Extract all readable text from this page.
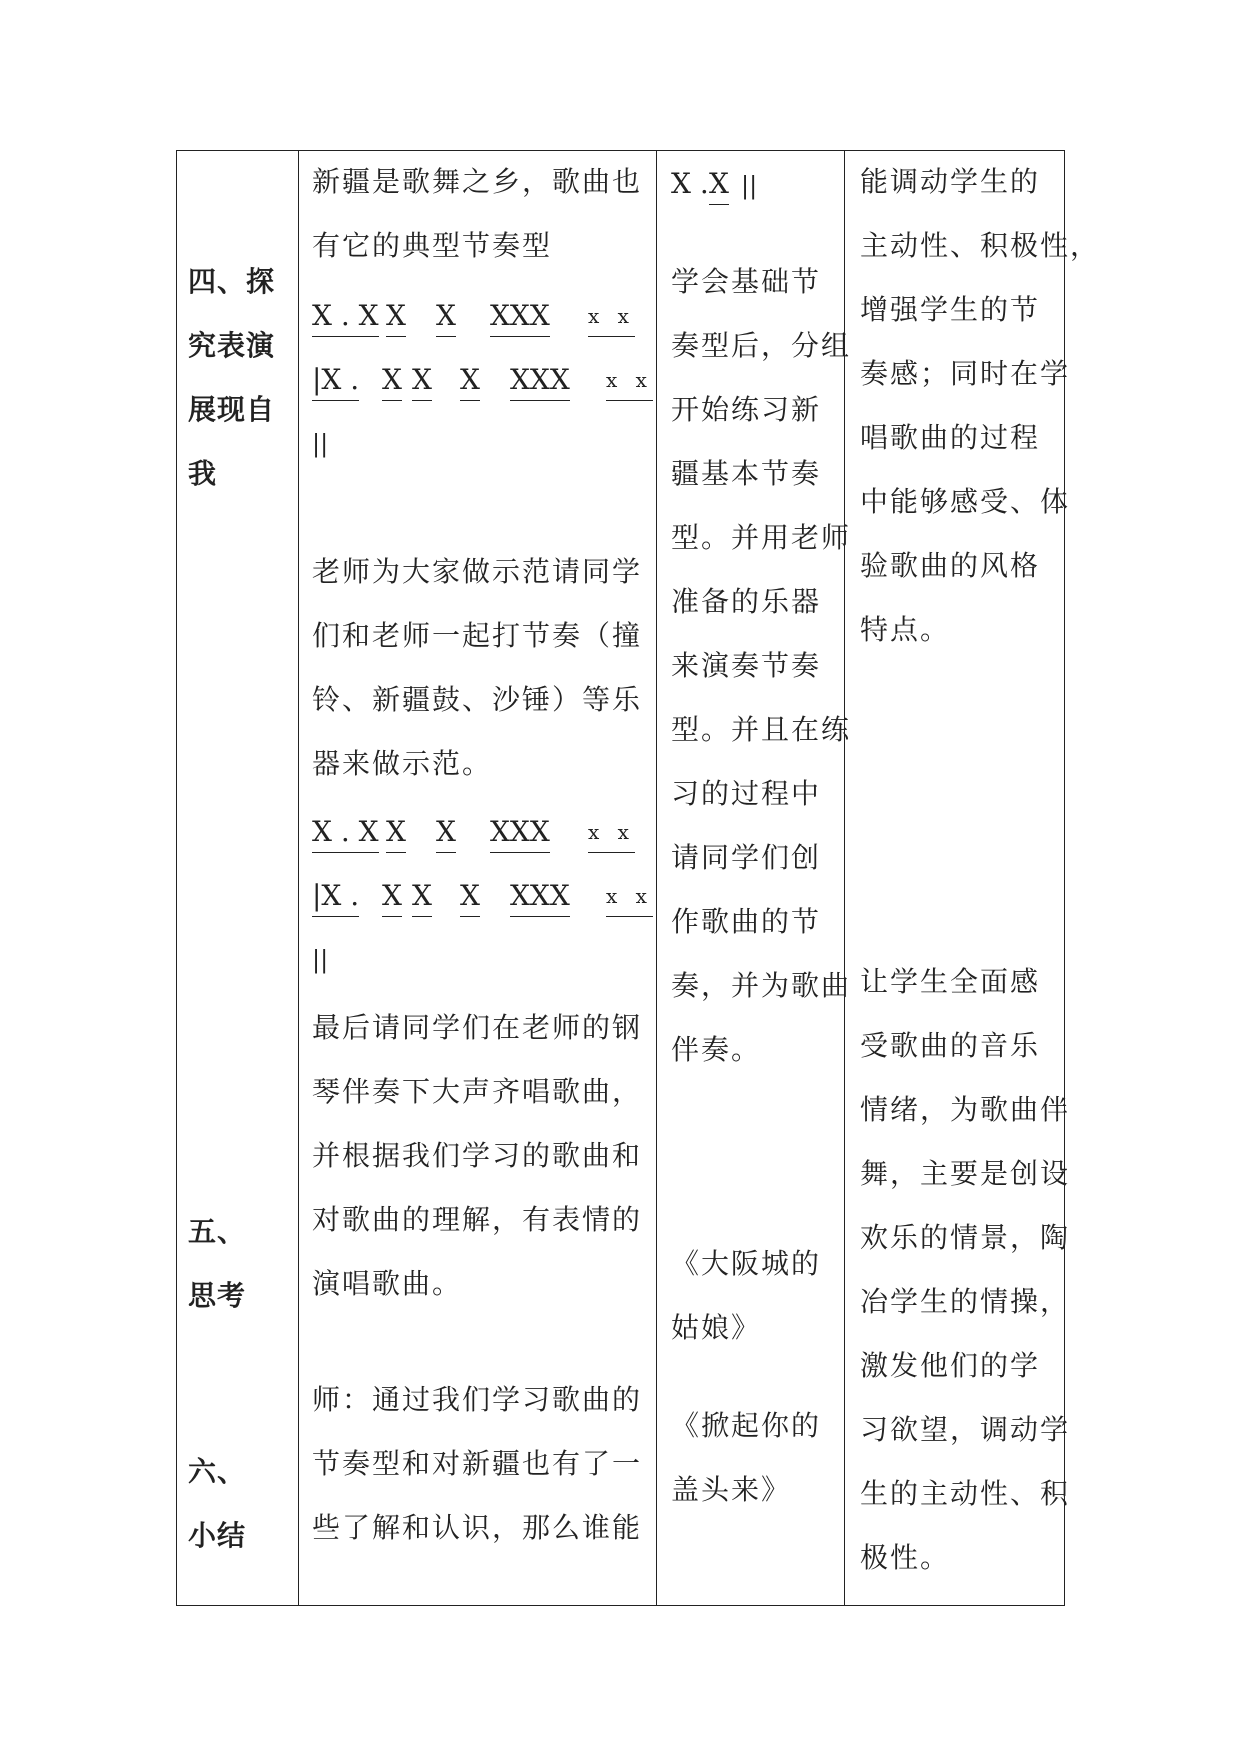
四、探
究表演
展现自
我
五、
思考
六、
小结
新疆是歌舞之乡，歌曲也
有它的典型节奏型
X . X X X XXX x x
|X . X X X XXX x x
||
老师为大家做示范请同学
们和老师一起打节奏（撞
铃、新疆鼓、沙锤）等乐
器来做示范。
X . X X X XXX x x
|X . X X X XXX x x
||
最后请同学们在老师的钢
琴伴奏下大声齐唱歌曲，
并根据我们学习的歌曲和
对歌曲的理解，有表情的
演唱歌曲。
师：通过我们学习歌曲的
节奏型和对新疆也有了一
些了解和认识，那么谁能
X . X ||
学会基础节
奏型后，分组
开始练习新
疆基本节奏
型。并用老师
准备的乐器
来演奏节奏
型。并且在练
习的过程中
请同学们创
作歌曲的节
奏，并为歌曲
伴奏。
《大阪城的
姑娘》
《掀起你的
盖头来》
能调动学生的
主动性、积极性，
增强学生的节
奏感；同时在学
唱歌曲的过程
中能够感受、体
验歌曲的风格
特点。
让学生全面感
受歌曲的音乐
情绪，为歌曲伴
舞，主要是创设
欢乐的情景，陶
冶学生的情操，
激发他们的学
习欲望，调动学
生的主动性、积
极性。
